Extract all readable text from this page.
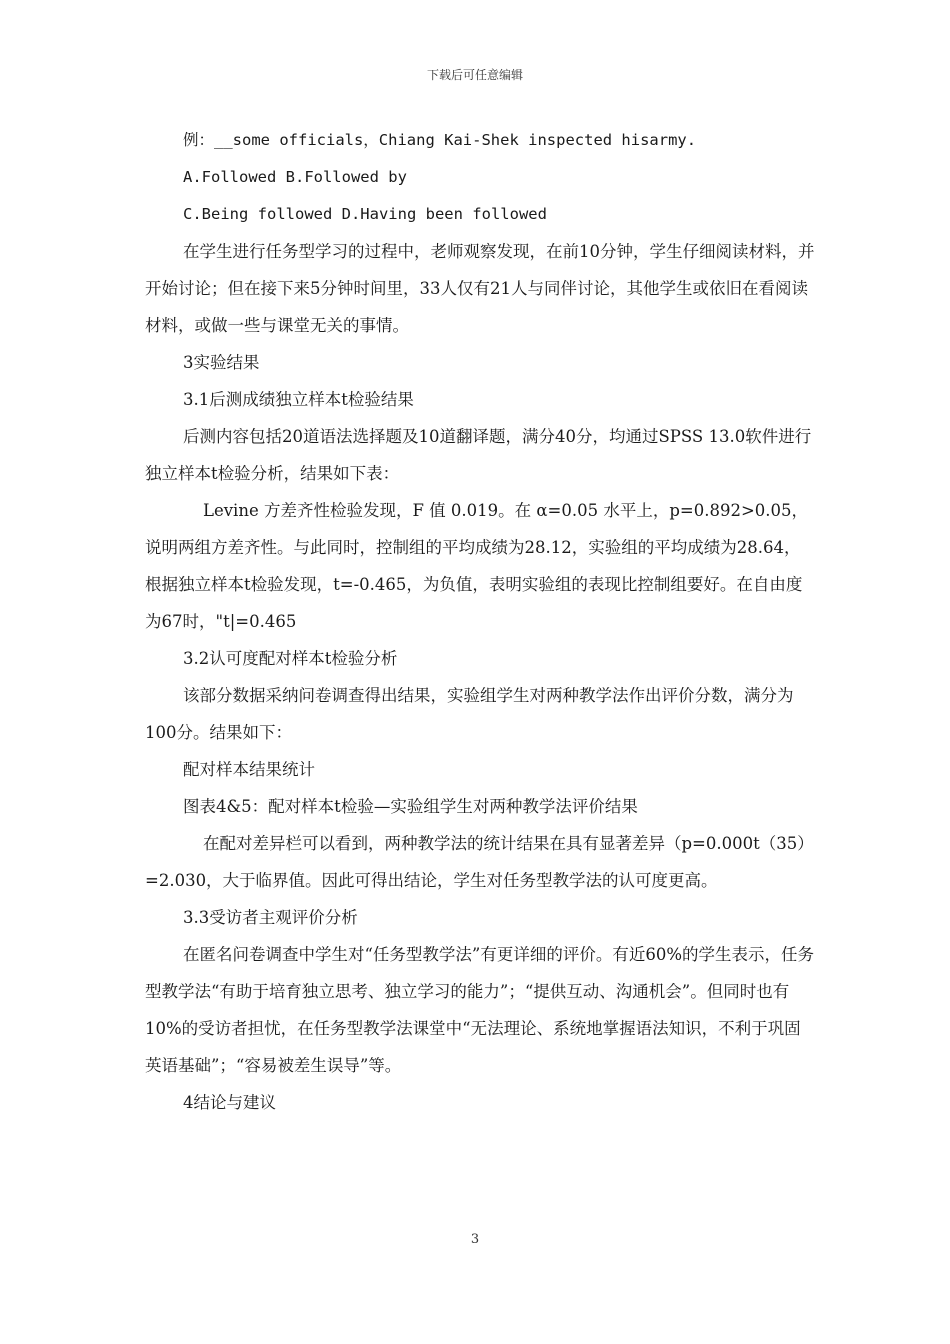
下载后可任意编辑

例：__some officials，Chiang Kai-Shek inspected hisarmy.

A.Followed B.Followed by

C.Being followed D.Having been followed

在学生进行任务型学习的过程中，老师观察发现，在前10分钟，学生仔细阅读材料，并开始讨论；但在接下来5分钟时间里，33人仅有21人与同伴讨论，其他学生或依旧在看阅读材料，或做一些与课堂无关的事情。

3实验结果

3.1后测成绩独立样本t检验结果

后测内容包括20道语法选择题及10道翻译题，满分40分，均通过SPSS 13.0软件进行独立样本t检验分析，结果如下表：

Levine 方差齐性检验发现，F 值 0.019。在 α=0.05 水平上，p=0.892>0.05，说明两组方差齐性。与此同时，控制组的平均成绩为28.12，实验组的平均成绩为28.64，根据独立样本t检验发现，t=-0.465，为负值，表明实验组的表现比控制组要好。在自由度为67时，"t|=0.465

3.2认可度配对样本t检验分析

该部分数据采纳问卷调查得出结果，实验组学生对两种教学法作出评价分数，满分为100分。结果如下：

配对样本结果统计

图表4&5：配对样本t检验—实验组学生对两种教学法评价结果

在配对差异栏可以看到，两种教学法的统计结果在具有显著差异（p=0.000t（35）=2.030，大于临界值。因此可得出结论，学生对任务型教学法的认可度更高。

3.3受访者主观评价分析

在匿名问卷调查中学生对“任务型教学法”有更详细的评价。有近60%的学生表示，任务型教学法“有助于培育独立思考、独立学习的能力”；“提供互动、沟通机会”。但同时也有10%的受访者担忧，在任务型教学法课堂中“无法理论、系统地掌握语法知识，不利于巩固英语基础”；“容易被差生误导”等。

4结论与建议

3
